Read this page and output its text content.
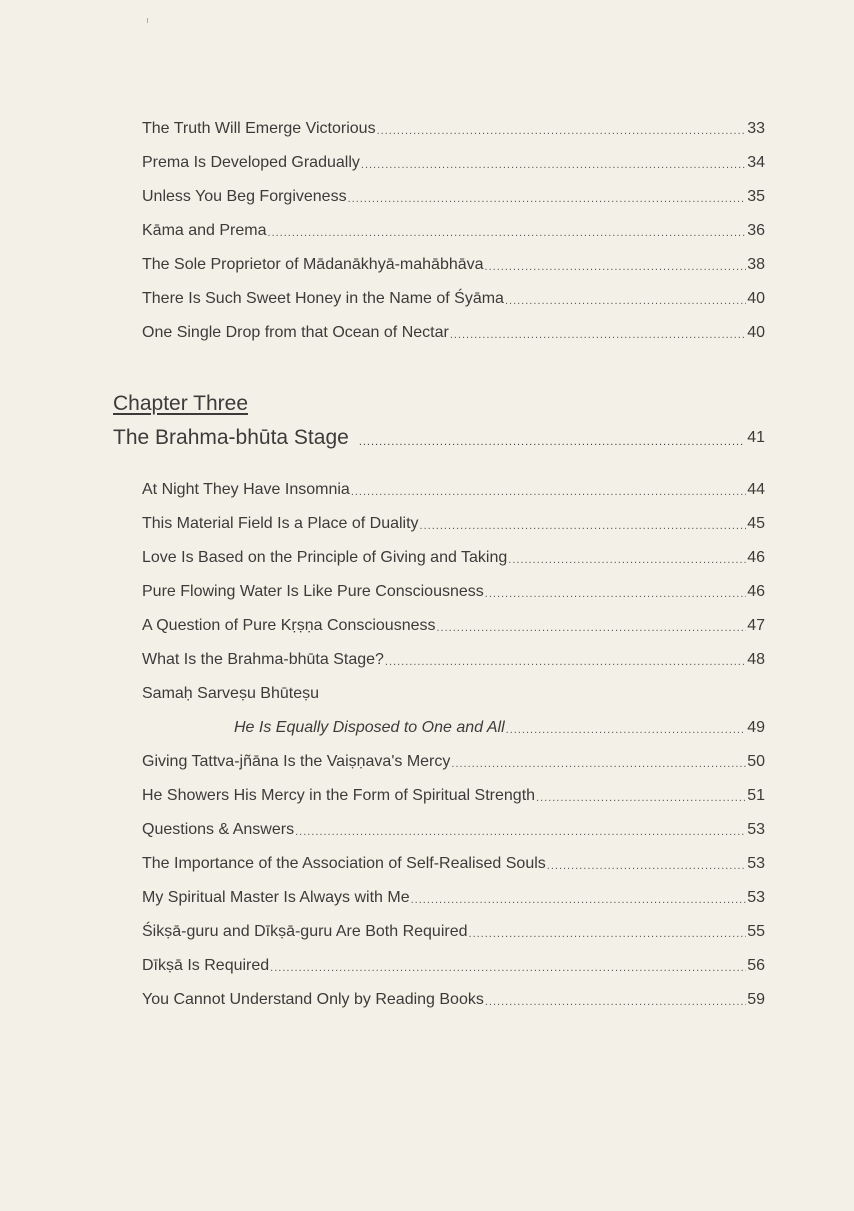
The Truth Will Emerge Victorious .....	33
Prema Is Developed Gradually .....	34
Unless You Beg Forgiveness .....	35
Kāma and Prema .....	36
The Sole Proprietor of Mādanākhyā-mahābhāva .....	38
There Is Such Sweet Honey in the Name of Śyāma .....	40
One Single Drop from that Ocean of Nectar .....	40
Chapter Three
The Brahma-bhūta Stage .....	41
At Night They Have Insomnia .....	44
This Material Field Is a Place of Duality .....	45
Love Is Based on the Principle of Giving and Taking .....	46
Pure Flowing Water Is Like Pure Consciousness .....	46
A Question of Pure Kṛṣṇa Consciousness .....	47
What Is the Brahma-bhūta Stage? .....	48
Samaḥ Sarveṣu Bhūteṣu
He Is Equally Disposed to One and All .....	49
Giving Tattva-jñāna Is the Vaiṣṇava's Mercy .....	50
He Showers His Mercy in the Form of Spiritual Strength .....	51
Questions & Answers .....	53
The Importance of the Association of Self-Realised Souls .....	53
My Spiritual Master Is Always with Me .....	53
Śikṣā-guru and Dīkṣā-guru Are Both Required .....	55
Dīkṣā Is Required .....	56
You Cannot Understand Only by Reading Books .....	59
